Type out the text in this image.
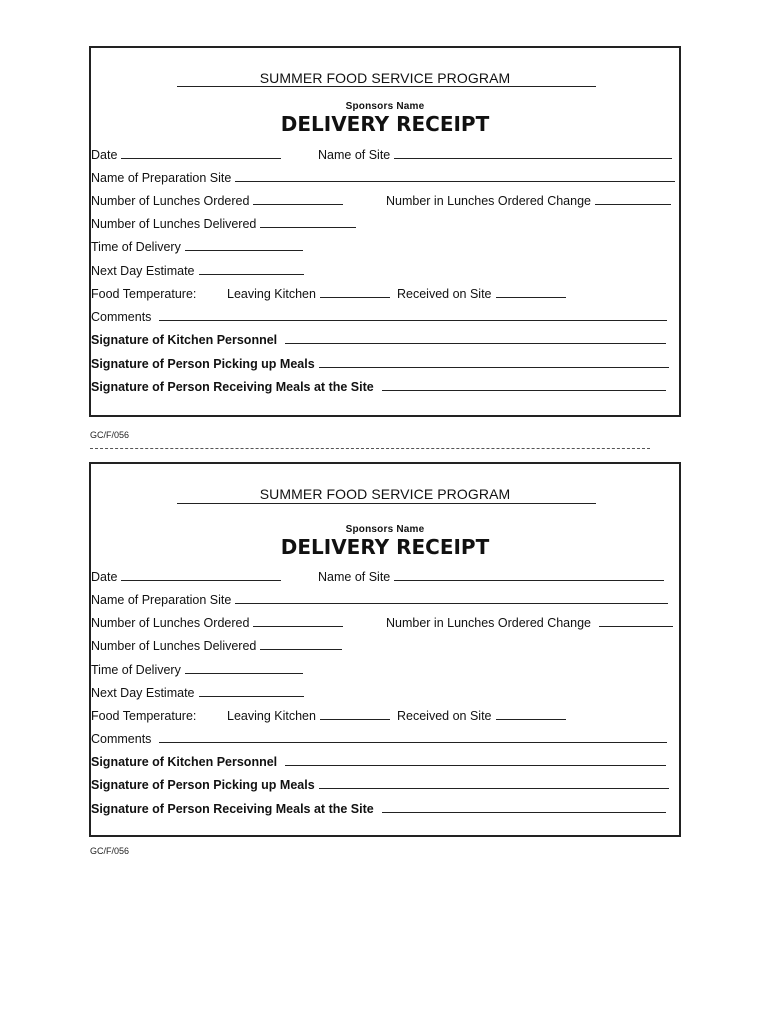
SUMMER FOOD SERVICE PROGRAM
Sponsors Name
DELIVERY RECEIPT
Date	Name of Site
Name of Preparation Site
Number of Lunches Ordered	Number in Lunches Ordered Change
Number of Lunches Delivered
Time of Delivery
Next Day Estimate
Food Temperature: Leaving Kitchen	Received on Site
Comments
Signature of Kitchen Personnel
Signature of Person Picking up Meals
Signature of Person Receiving Meals at the Site
GC/F/056
SUMMER FOOD SERVICE PROGRAM
Sponsors Name
DELIVERY RECEIPT
Date	Name of Site
Name of Preparation Site
Number of Lunches Ordered	Number in Lunches Ordered Change
Number of Lunches Delivered
Time of Delivery
Next Day Estimate
Food Temperature: Leaving Kitchen	Received on Site
Comments
Signature of Kitchen Personnel
Signature of Person Picking up Meals
Signature of Person Receiving Meals at the Site
GC/F/056
